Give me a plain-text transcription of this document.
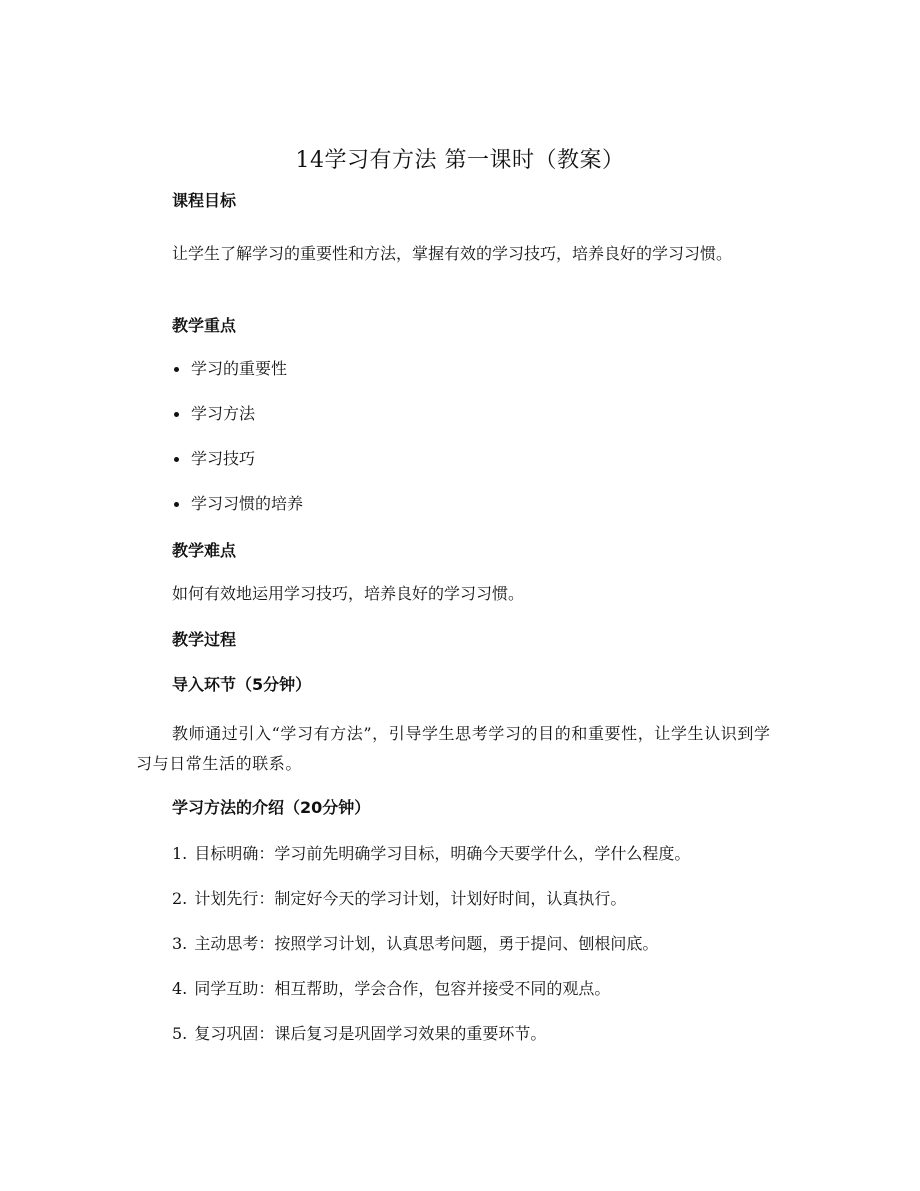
14学习有方法 第一课时（教案）
课程目标

让学生了解学习的重要性和方法，掌握有效的学习技巧，培养良好的学习习惯。

教学重点
学习的重要性
学习方法
学习技巧
学习习惯的培养
教学难点

如何有效地运用学习技巧，培养良好的学习习惯。

教学过程
导入环节（5分钟）

教师通过引入“学习有方法”，引导学生思考学习的目的和重要性，让学生认识到学习与日常生活的联系。

学习方法的介绍（20分钟）
1. 目标明确：学习前先明确学习目标，明确今天要学什么，学什么程度。
2. 计划先行：制定好今天的学习计划，计划好时间，认真执行。
3. 主动思考：按照学习计划，认真思考问题，勇于提问、刨根问底。
4. 同学互助：相互帮助，学会合作，包容并接受不同的观点。
5. 复习巩固：课后复习是巩固学习效果的重要环节。
